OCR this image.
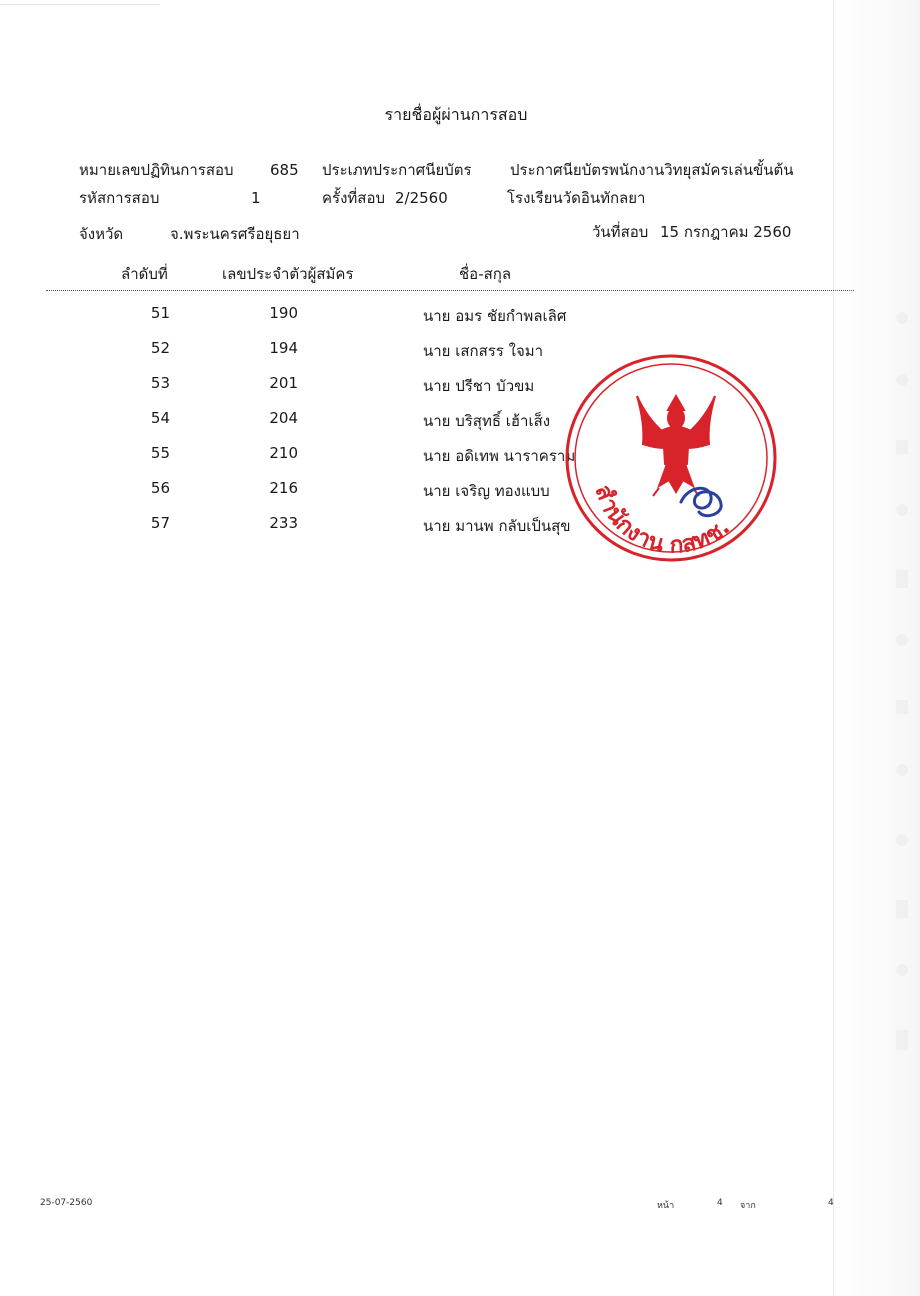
รายชื่อผู้ผ่านการสอบ
หมายเลขปฏิทินการสอบ 685 ประเภทประกาศนียบัตร	ประกาศนียบัตรพนักงานวิทยุสมัครเล่นขั้นต้น
รหัสการสอบ	1	ครั้งที่สอบ 2/2560	โรงเรียนวัดอินทักลยา
จังหวัด	จ.พระนครศรีอยุธยา	วันที่สอบ 15 กรกฎาคม 2560
ลำดับที่	เลขประจำตัวผู้สมัคร	ชื่อ-สกุล
51	190	นาย อมร ชัยกำพลเลิศ
52	194	นาย เสกสรร ใจมา
53	201	นาย ปรีชา บัวขม
54	204	นาย บริสุทธิ์ เฮ้าเส็ง
55	210	นาย อดิเทพ นาราคราม
56	216	นาย เจริญ ทองแบบ
57	233	นาย มานพ กลับเป็นสุข
สำนักงาน กสทช.
25-07-2560	หน้า	4 จาก	4
